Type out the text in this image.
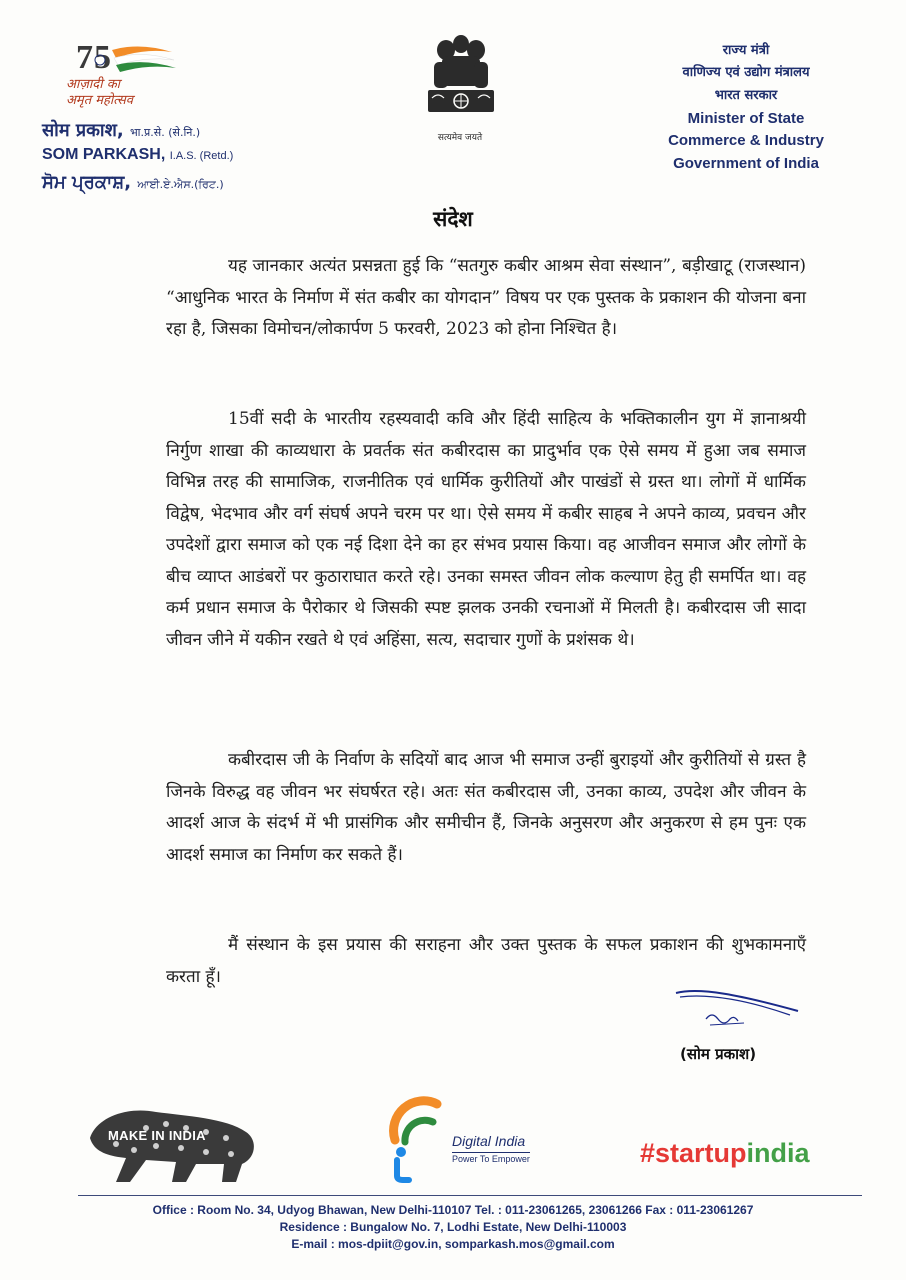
7 5
आज़ादी का
अमृत महोत्सव
सोम प्रकाश, भा.प्र.से. (से.नि.)
SOM PARKASH, I.A.S. (Retd.)
ਸੋਮ ਪ੍ਰਕਾਸ਼, ਆਈ.ਏ.ਐਸ.(ਰਿਟ.)
सत्यमेव जयते
राज्य मंत्री
वाणिज्य एवं उद्योग मंत्रालय
भारत सरकार
Minister of State
Commerce & Industry
Government of India
संदेश
यह जानकार अत्यंत प्रसन्नता हुई कि “सतगुरु कबीर आश्रम सेवा संस्थान”, बड़ीखाटू (राजस्थान) “आधुनिक भारत के निर्माण में संत कबीर का योगदान” विषय पर एक पुस्तक के प्रकाशन की योजना बना रहा है, जिसका विमोचन/लोकार्पण 5 फरवरी, 2023 को होना निश्चित है।
15वीं सदी के भारतीय रहस्यवादी कवि और हिंदी साहित्य के भक्तिकालीन युग में ज्ञानाश्रयी निर्गुण शाखा की काव्यधारा के प्रवर्तक संत कबीरदास का प्रादुर्भाव एक ऐसे समय में हुआ जब समाज विभिन्न तरह की सामाजिक, राजनीतिक एवं धार्मिक कुरीतियों और पाखंडों से ग्रस्त था। लोगों में धार्मिक विद्वेष, भेदभाव और वर्ग संघर्ष अपने चरम पर था। ऐसे समय में कबीर साहब ने अपने काव्य, प्रवचन और उपदेशों द्वारा समाज को एक नई दिशा देने का हर संभव प्रयास किया। वह आजीवन समाज और लोगों के बीच व्याप्त आडंबरों पर कुठाराघात करते रहे। उनका समस्त जीवन लोक कल्याण हेतु ही समर्पित था। वह कर्म प्रधान समाज के पैरोकार थे जिसकी स्पष्ट झलक उनकी रचनाओं में मिलती है। कबीरदास जी सादा जीवन जीने में यकीन रखते थे एवं अहिंसा, सत्य, सदाचार गुणों के प्रशंसक थे।
कबीरदास जी के निर्वाण के सदियों बाद आज भी समाज उन्हीं बुराइयों और कुरीतियों से ग्रस्त है जिनके विरुद्ध वह जीवन भर संघर्षरत रहे। अतः संत कबीरदास जी, उनका काव्य, उपदेश और जीवन के आदर्श आज के संदर्भ में भी प्रासंगिक और समीचीन हैं, जिनके अनुसरण और अनुकरण से हम पुनः एक आदर्श समाज का निर्माण कर सकते हैं।
मैं संस्थान के इस प्रयास की सराहना और उक्त पुस्तक के सफल प्रकाशन की शुभकामनाएँ करता हूँ।
(सोम प्रकाश)
MAKE IN INDIA	Digital India
Power To Empower	#startupindia
Office : Room No. 34, Udyog Bhawan, New Delhi-110107 Tel. : 011-23061265, 23061266 Fax : 011-23061267
Residence : Bungalow No. 7, Lodhi Estate, New Delhi-110003
E-mail : mos-dpiit@gov.in, somparkash.mos@gmail.com
